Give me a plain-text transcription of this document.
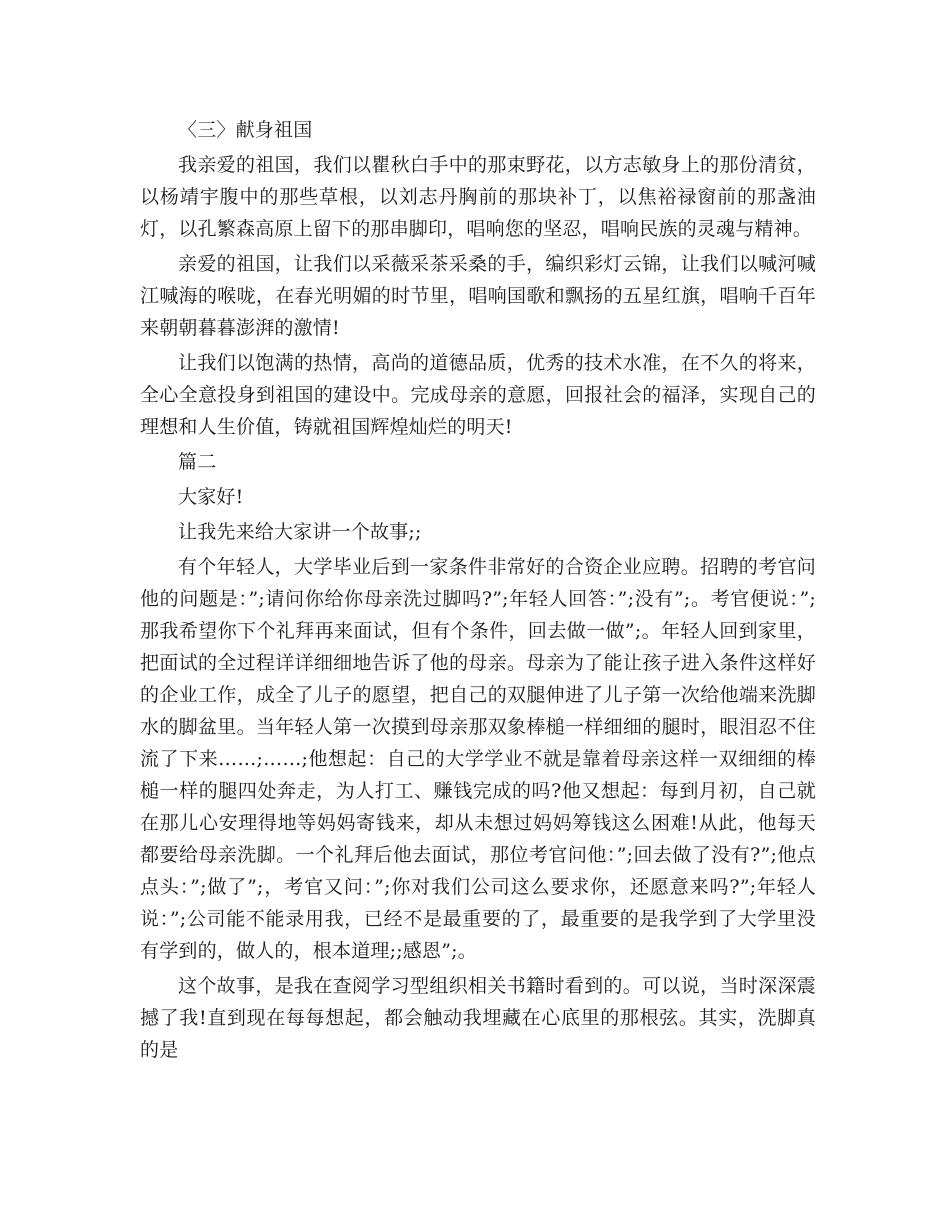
〈三〉献身祖国

我亲爱的祖国，我们以瞿秋白手中的那束野花，以方志敏身上的那份清贫，以杨靖宇腹中的那些草根，以刘志丹胸前的那块补丁，以焦裕禄窗前的那盏油灯，以孔繁森高原上留下的那串脚印，唱响您的坚忍，唱响民族的灵魂与精神。

亲爱的祖国，让我们以采薇采茶采桑的手，编织彩灯云锦，让我们以喊河喊江喊海的喉咙，在春光明媚的时节里，唱响国歌和飘扬的五星红旗，唱响千百年来朝朝暮暮澎湃的激情!

让我们以饱满的热情，高尚的道德品质，优秀的技术水准，在不久的将来，全心全意投身到祖国的建设中。完成母亲的意愿，回报社会的福泽，实现自己的理想和人生价值，铸就祖国辉煌灿烂的明天!

篇二

大家好!

让我先来给大家讲一个故事;;

有个年轻人，大学毕业后到一家条件非常好的合资企业应聘。招聘的考官问他的问题是：”;请问你给你母亲洗过脚吗?”;年轻人回答：”;没有”;。考官便说：”;那我希望你下个礼拜再来面试，但有个条件，回去做一做”;。年轻人回到家里，把面试的全过程详详细细地告诉了他的母亲。母亲为了能让孩子进入条件这样好的企业工作，成全了儿子的愿望，把自己的双腿伸进了儿子第一次给他端来洗脚水的脚盆里。当年轻人第一次摸到母亲那双象棒槌一样细细的腿时，眼泪忍不住流了下来……;……;他想起：自己的大学学业不就是靠着母亲这样一双细细的棒槌一样的腿四处奔走，为人打工、赚钱完成的吗?他又想起：每到月初，自己就在那儿心安理得地等妈妈寄钱来，却从未想过妈妈筹钱这么困难!从此，他每天都要给母亲洗脚。一个礼拜后他去面试，那位考官问他：”;回去做了没有?”;他点点头：”;做了”;，考官又问：”;你对我们公司这么要求你，还愿意来吗?”;年轻人说：”;公司能不能录用我，已经不是最重要的了，最重要的是我学到了大学里没有学到的，做人的，根本道理;;感恩”;。

这个故事，是我在查阅学习型组织相关书籍时看到的。可以说，当时深深震撼了我!直到现在每每想起，都会触动我埋藏在心底里的那根弦。其实，洗脚真的是
